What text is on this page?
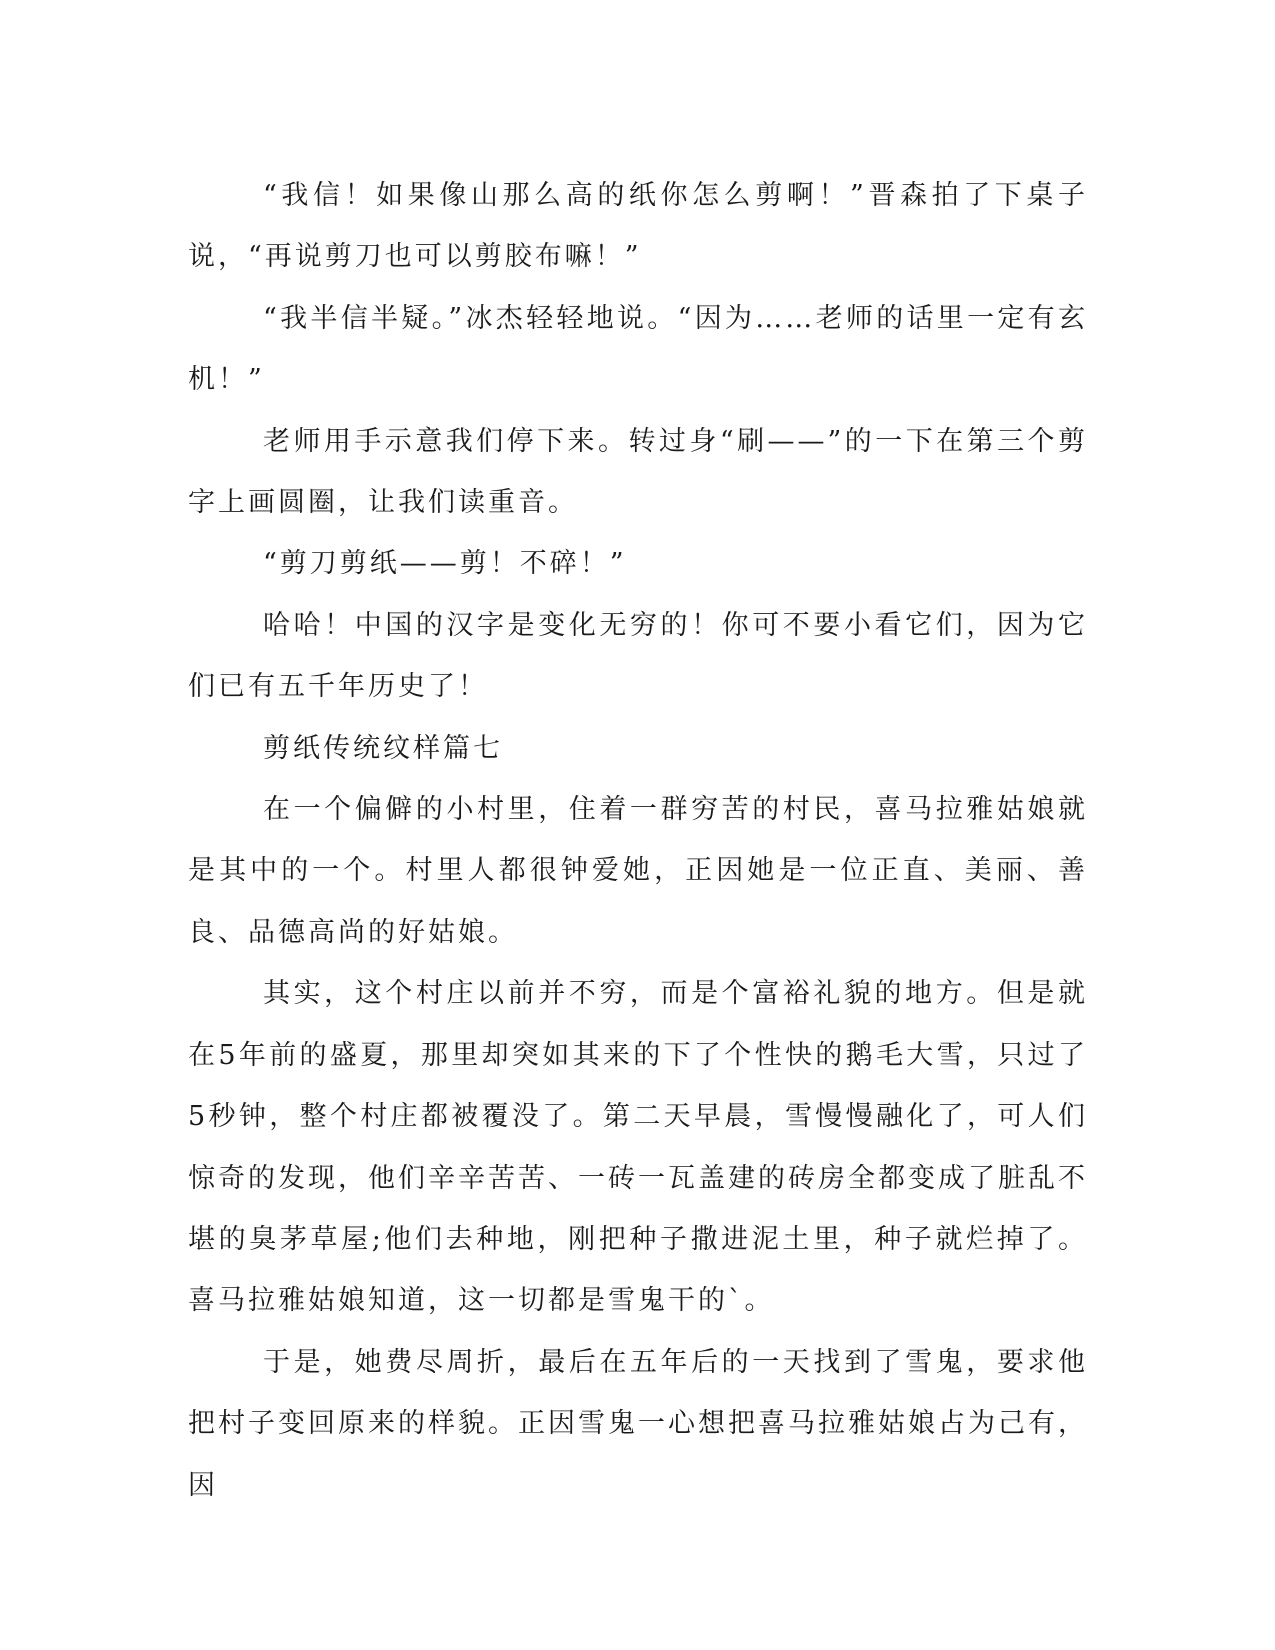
“我信！如果像山那么高的纸你怎么剪啊！”晋森拍了下桌子说，“再说剪刀也可以剪胶布嘛！”

“我半信半疑。”冰杰轻轻地说。“因为……老师的话里一定有玄机！”

老师用手示意我们停下来。转过身“刷——”的一下在第三个剪字上画圆圈，让我们读重音。

“剪刀剪纸——剪！不碎！”

哈哈！中国的汉字是变化无穷的！你可不要小看它们，因为它们已有五千年历史了！

剪纸传统纹样篇七

在一个偏僻的小村里，住着一群穷苦的村民，喜马拉雅姑娘就是其中的一个。村里人都很钟爱她，正因她是一位正直、美丽、善良、品德高尚的好姑娘。

其实，这个村庄以前并不穷，而是个富裕礼貌的地方。但是就在5年前的盛夏，那里却突如其来的下了个性快的鹅毛大雪，只过了5秒钟，整个村庄都被覆没了。第二天早晨，雪慢慢融化了，可人们惊奇的发现，他们辛辛苦苦、一砖一瓦盖建的砖房全都变成了脏乱不堪的臭茅草屋;他们去种地，刚把种子撒进泥土里，种子就烂掉了。喜马拉雅姑娘知道，这一切都是雪鬼干的`。

于是，她费尽周折，最后在五年后的一天找到了雪鬼，要求他把村子变回原来的样貌。正因雪鬼一心想把喜马拉雅姑娘占为己有，因
